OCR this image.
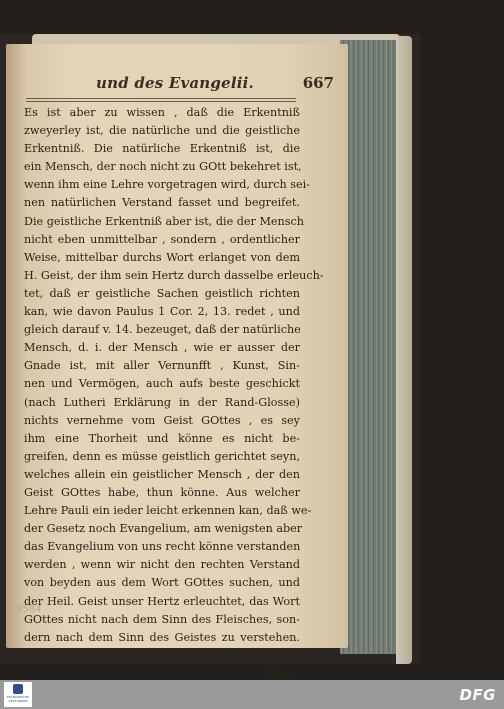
und des Evangelii.	667
Es ist aber zu wissen , daß die Erkentniß
zweyerley ist, die natürliche und die geistliche
Erkentniß. Die natürliche Erkentniß ist, die
ein Mensch, der noch nicht zu GOtt bekehret ist,
wenn ihm eine Lehre vorgetragen wird, durch sei-
nen natürlichen Verstand fasset und begreifet.
Die geistliche Erkentniß aber ist, die der Mensch
nicht eben unmittelbar , sondern , ordentlicher
Weise, mittelbar durchs Wort erlanget von dem
H. Geist, der ihm sein Hertz durch dasselbe erleuch-
tet, daß er geistliche Sachen geistlich richten
kan, wie davon Paulus 1 Cor. 2, 13. redet , und
gleich darauf v. 14. bezeuget, daß der natürliche
Mensch, d. i. der Mensch , wie er ausser der
Gnade ist, mit aller Vernunfft , Kunst, Sin-
nen und Vermögen, auch aufs beste geschickt
(nach Lutheri Erklärung in der Rand-Glosse)
nichts vernehme vom Geist GOttes , es sey
ihm eine Thorheit und könne es nicht be-
greifen, denn es müsse geistlich gerichtet seyn,
welches allein ein geistlicher Mensch , der den
Geist GOttes habe, thun könne. Aus welcher
Lehre Pauli ein ieder leicht erkennen kan, daß we-
der Gesetz noch Evangelium, am wenigsten aber
das Evangelium von uns recht könne verstanden
werden , wenn wir nicht den rechten Verstand
von beyden aus dem Wort GOttes suchen, und
der Heil. Geist unser Hertz erleuchtet, das Wort
GOttes nicht nach dem Sinn des Fleisches, son-
dern nach dem Sinn des Geistes zu verstehen.
Ich hoffe, daß wir hievon aus unsern heutigen
Evan-
3584
FRANCKESCHE STIFTUNGEN	DFG
